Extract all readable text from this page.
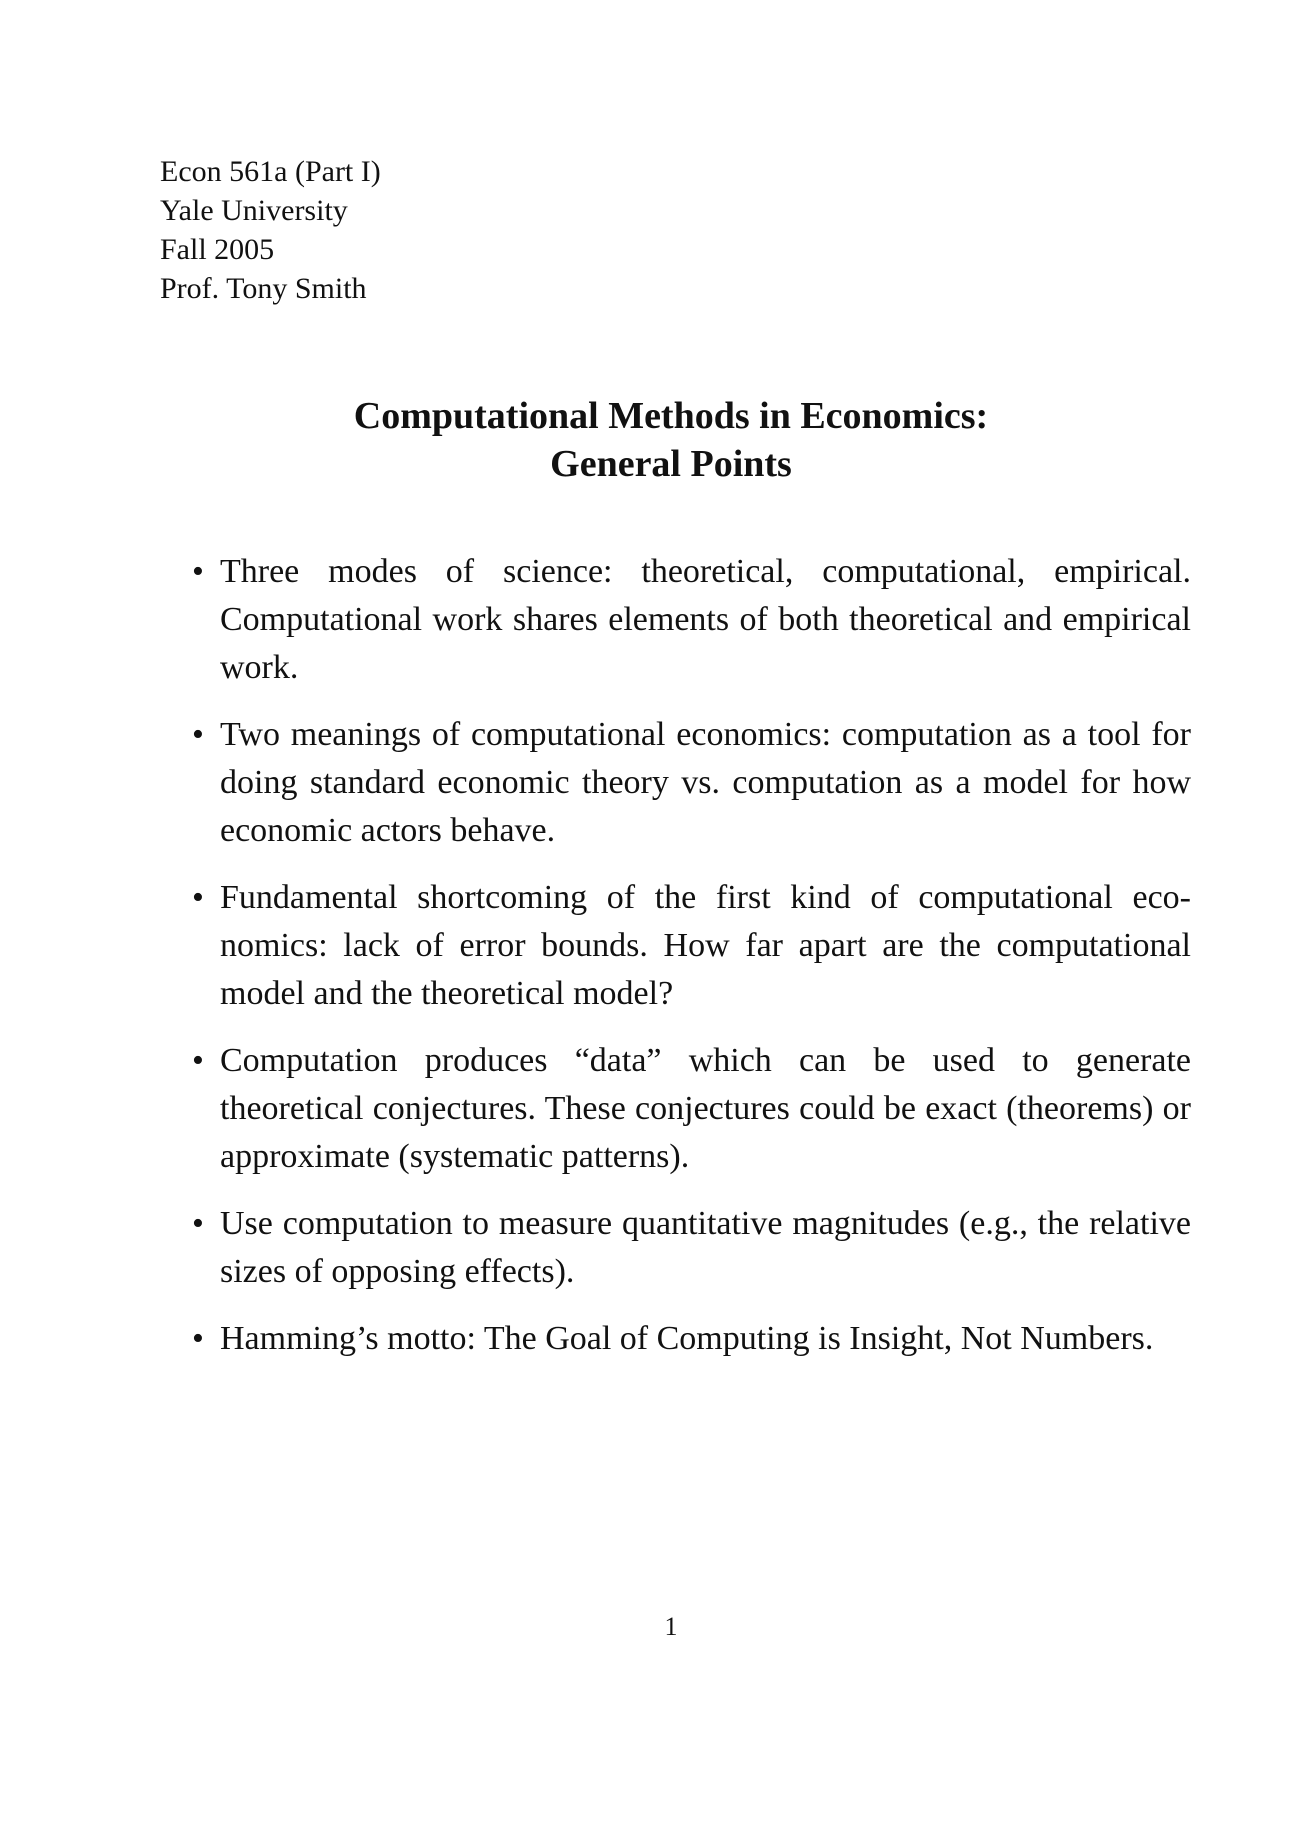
Econ 561a (Part I)
Yale University
Fall 2005
Prof. Tony Smith
Computational Methods in Economics:
General Points
• Three modes of science: theoretical, computational, empirical. Computational work shares elements of both theoretical and empirical work.
• Two meanings of computational economics: computation as a tool for doing standard economic theory vs. computation as a model for how economic actors behave.
• Fundamental shortcoming of the first kind of computational economics: lack of error bounds. How far apart are the computational model and the theoretical model?
• Computation produces “data” which can be used to generate theoretical conjectures. These conjectures could be exact (theorems) or approximate (systematic patterns).
• Use computation to measure quantitative magnitudes (e.g., the relative sizes of opposing effects).
• Hamming’s motto: The Goal of Computing is Insight, Not Numbers.
1
